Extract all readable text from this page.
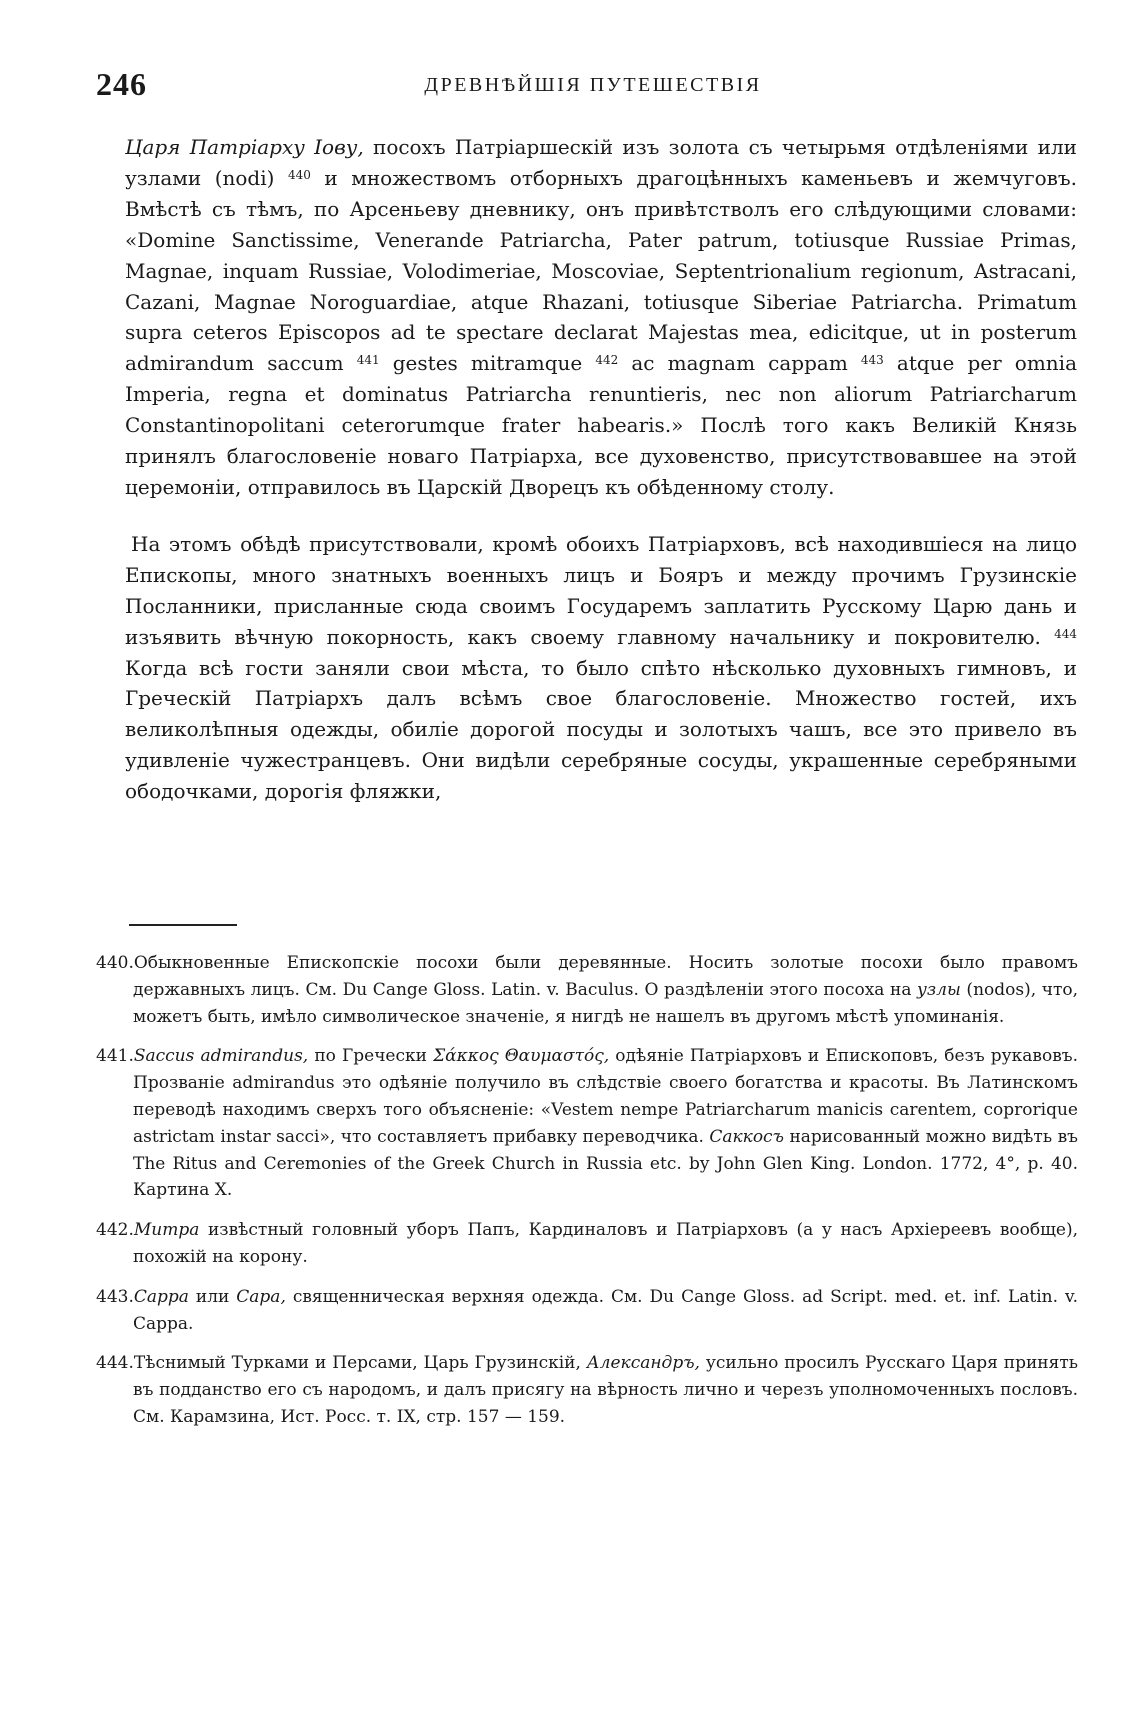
246	ДРЕВНѢЙШІЯ ПУТЕШЕСТВІЯ

Царя Патріарху Іову, посохъ Патріаршескій изъ золота съ четырьмя отдѣленіями или узлами (nodi) $^{440}$ и множествомъ отборныхъ драгоцѣнныхъ каменьевъ и жемчуговъ. Вмѣстѣ съ тѣмъ, по Арсеньеву дневнику, онъ привѣтстволъ его слѣдующими словами: «Domine Sanctissime, Venerande Patriarcha, Pater patrum, totiusque Russiae Primas, Magnae, inquam Russiae, Volodimeriae, Moscoviae, Septentrionalium regionum, Astracani, Cazani, Magnae Noroguardiae, atque Rhazani, totiusque Siberiae Patriarcha. Primatum supra ceteros Episcopos ad te spectare declarat Majestas mea, edicitque, ut in posterum admirandum saccum $^{441}$ gestes mitramque $^{442}$ ac magnam cappam $^{443}$ atque per omnia Imperia, regna et dominatus Patriarcha renuntieris, nec non aliorum Patriarcharum Constantinopolitani ceterorumque frater habearis.» Послѣ того какъ Великій Князь принялъ благословеніе новаго Патріарха, все духовенство, присутствовавшее на этой церемоніи, отправилось въ Царскій Дворецъ къ обѣденному столу.

На этомъ обѣдѣ присутствовали, кромѣ обоихъ Патріарховъ, всѣ находившіеся на лицо Епископы, много знатныхъ военныхъ лицъ и Бояръ и между прочимъ Грузинскіе Посланники, присланные сюда своимъ Государемъ заплатить Русскому Царю дань и изъявить вѣчную покорность, какъ своему главному начальнику и покровителю. $^{444}$ Когда всѣ гости заняли свои мѣста, то было спѣто нѣсколько духовныхъ гимновъ, и Греческій Патріархъ далъ всѣмъ свое благословеніе. Множество гостей, ихъ великолѣпныя одежды, обиліе дорогой посуды и золотыхъ чашъ, все это привело въ удивленіе чужестранцевъ. Они видѣли серебряные сосуды, украшенные серебряными ободочками, дорогія фляжки,

440.Обыкновенные Епископскіе посохи были деревянные. Носить золотые посохи было правомъ державныхъ лицъ. См. Du Cange Gloss. Latin. v. Baculus. О раздѣленіи этого посоха на узлы (nodos), что, можетъ быть, имѣло символическое значеніе, я нигдѣ не нашелъ въ другомъ мѣстѣ упоминанія.

441.Saccus admirandus, по Гречески Σάκκος Θαυμαστός, одѣяніе Патріарховъ и Епископовъ, безъ рукавовъ. Прозваніе admirandus это одѣяніе получило въ слѣдствіе своего богатства и красоты. Въ Латинскомъ переводѣ находимъ сверхъ того объясненіе: «Vestem nempe Patriarcharum manicis carentem, coprorique astrictam instar sacci», что составляетъ прибавку переводчика. Саккосъ нарисованный можно видѣть въ The Ritus and Ceremonies of the Greek Church in Russia etc. by John Glen King. London. 1772, 4°, p. 40. Картина X.

442.Митра извѣстный головный уборъ Папъ, Кардиналовъ и Патріарховъ (а у насъ Архіереевъ вообще), похожій на корону.

443.Cappa или Capa, священническая верхняя одежда. См. Du Cange Gloss. ad Script. med. et. inf. Latin. v. Cappa.

444.Тѣснимый Турками и Персами, Царь Грузинскій, Александръ, усильно просилъ Русскаго Царя принять въ подданство его съ народомъ, и далъ присягу на вѣрность лично и черезъ уполномоченныхъ пословъ. См. Карамзина, Ист. Росс. т. IX, стр. 157 — 159.
